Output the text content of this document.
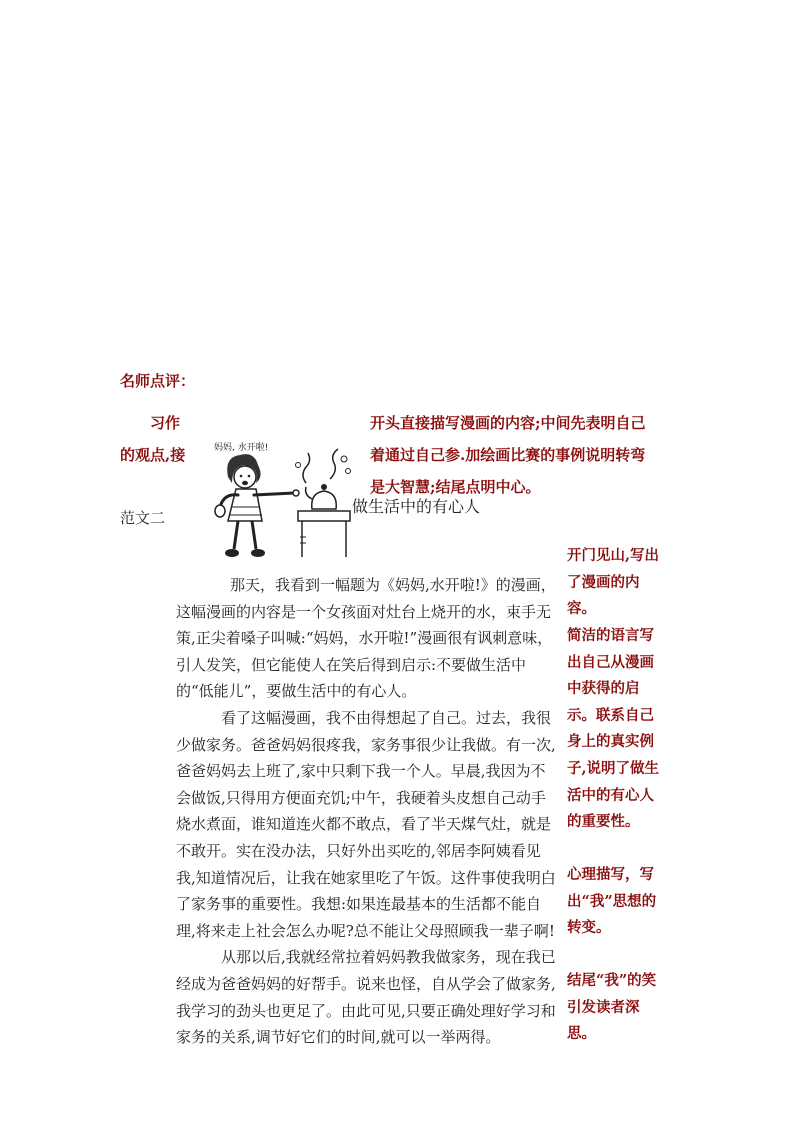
名师点评：
习作	开头直接描写漫画的内容;中间先表明自己
的观点,接	着通过自己参.加绘画比赛的事例说明转弯
是大智慧;结尾点明中心。
妈妈, 水开啦!
范文二
做生活中的有心人

那天，我看到一幅题为《妈妈,水开啦!》的漫画，这幅漫画的内容是一个女孩面对灶台上烧开的水，束手无策,正尖着嗓子叫喊:“妈妈，水开啦!”漫画很有讽刺意味，引人发笑，但它能使人在笑后得到启示:不要做生活中的“低能儿”，要做生活中的有心人。

看了这幅漫画，我不由得想起了自己。过去，我很少做家务。爸爸妈妈很疼我，家务事很少让我做。有一次,爸爸妈妈去上班了,家中只剩下我一个人。早晨,我因为不会做饭,只得用方便面充饥;中午，我硬着头皮想自己动手烧水煮面，谁知道连火都不敢点，看了半天煤气灶，就是不敢开。实在没办法，只好外出买吃的,邻居李阿姨看见我,知道情况后，让我在她家里吃了午饭。这件事使我明白了家务事的重要性。我想:如果连最基本的生活都不能自理,将来走上社会怎么办呢?总不能让父母照顾我一辈子啊!

从那以后,我就经常拉着妈妈教我做家务，现在我已经成为爸爸妈妈的好帮手。说来也怪，自从学会了做家务,我学习的劲头也更足了。由此可见,只要正确处理好学习和家务的关系,调节好它们的时间,就可以一举两得。

开门见山,写出了漫画的内容。
简洁的语言写出自己从漫画中获得的启示。联系自己身上的真实例子,说明了做生活中的有心人的重要性。
心理描写，写出“我”思想的转变。
结尾“我”的笑引发读者深思。
